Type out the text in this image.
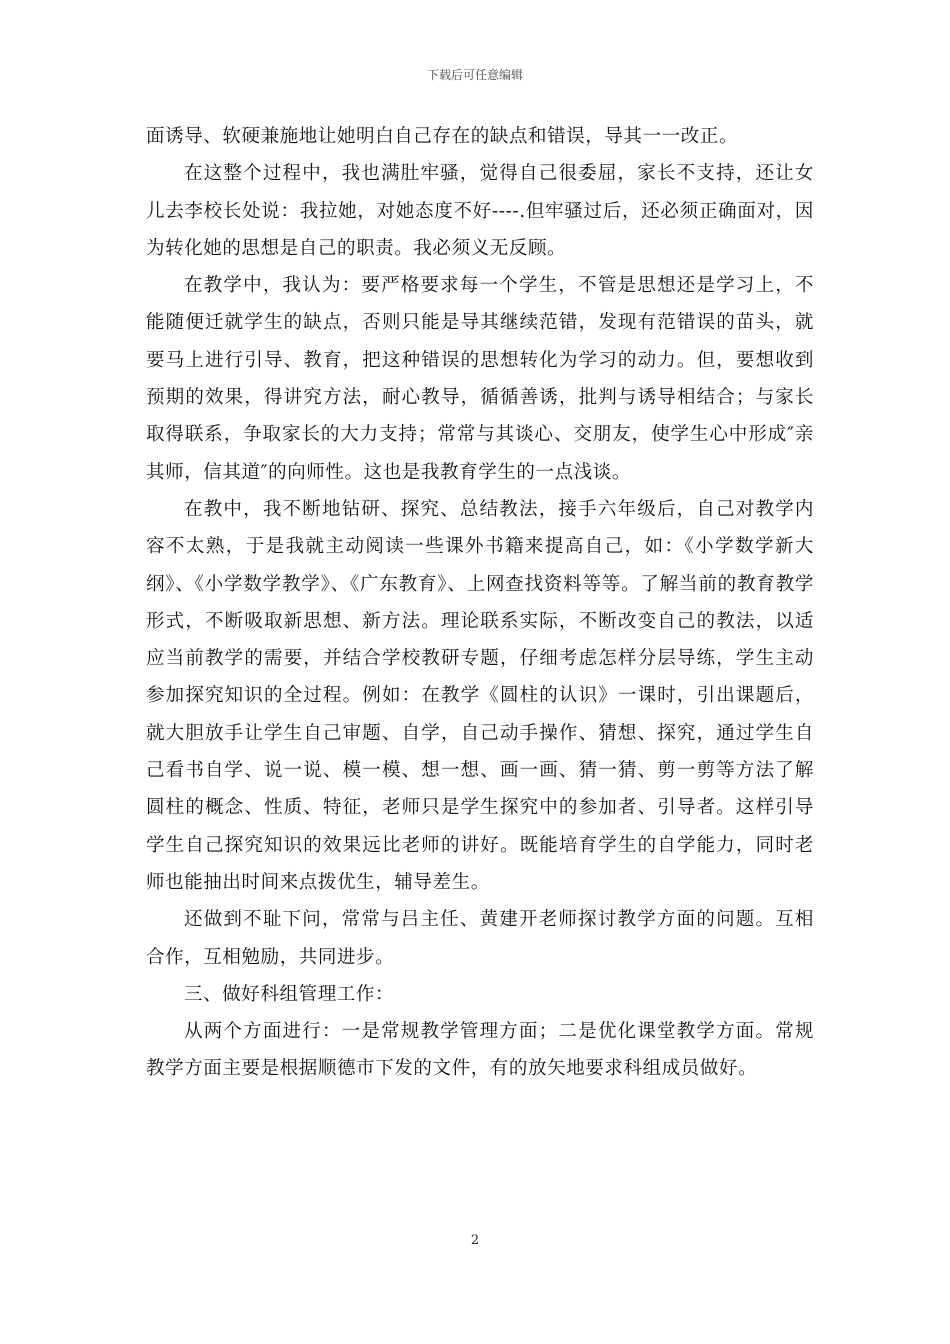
下载后可任意编辑

面诱导、软硬兼施地让她明白自己存在的缺点和错误，导其一一改正。

在这整个过程中，我也满肚牢骚，觉得自己很委屈，家长不支持，还让女儿去李校长处说：我拉她，对她态度不好----.但牢骚过后，还必须正确面对，因为转化她的思想是自己的职责。我必须义无反顾。

在教学中，我认为：要严格要求每一个学生，不管是思想还是学习上，不能随便迁就学生的缺点，否则只能是导其继续范错，发现有范错误的苗头，就要马上进行引导、教育，把这种错误的思想转化为学习的动力。但，要想收到预期的效果，得讲究方法，耐心教导，循循善诱，批判与诱导相结合；与家长取得联系，争取家长的大力支持；常常与其谈心、交朋友，使学生心中形成″亲其师，信其道″的向师性。这也是我教育学生的一点浅谈。

在教中，我不断地钻研、探究、总结教法，接手六年级后，自己对教学内容不太熟，于是我就主动阅读一些课外书籍来提高自己，如：《小学数学新大纲》、《小学数学教学》、《广东教育》、上网查找资料等等。了解当前的教育教学形式，不断吸取新思想、新方法。理论联系实际，不断改变自己的教法，以适应当前教学的需要，并结合学校教研专题，仔细考虑怎样分层导练，学生主动参加探究知识的全过程。例如：在教学《圆柱的认识》一课时，引出课题后，就大胆放手让学生自己审题、自学，自己动手操作、猜想、探究，通过学生自己看书自学、说一说、模一模、想一想、画一画、猜一猜、剪一剪等方法了解圆柱的概念、性质、特征，老师只是学生探究中的参加者、引导者。这样引导学生自己探究知识的效果远比老师的讲好。既能培育学生的自学能力，同时老师也能抽出时间来点拨优生，辅导差生。

还做到不耻下问，常常与吕主任、黄建开老师探讨教学方面的问题。互相合作，互相勉励，共同进步。

三、做好科组管理工作：

从两个方面进行：一是常规教学管理方面；二是优化课堂教学方面。常规教学方面主要是根据顺德市下发的文件，有的放矢地要求科组成员做好。

2
